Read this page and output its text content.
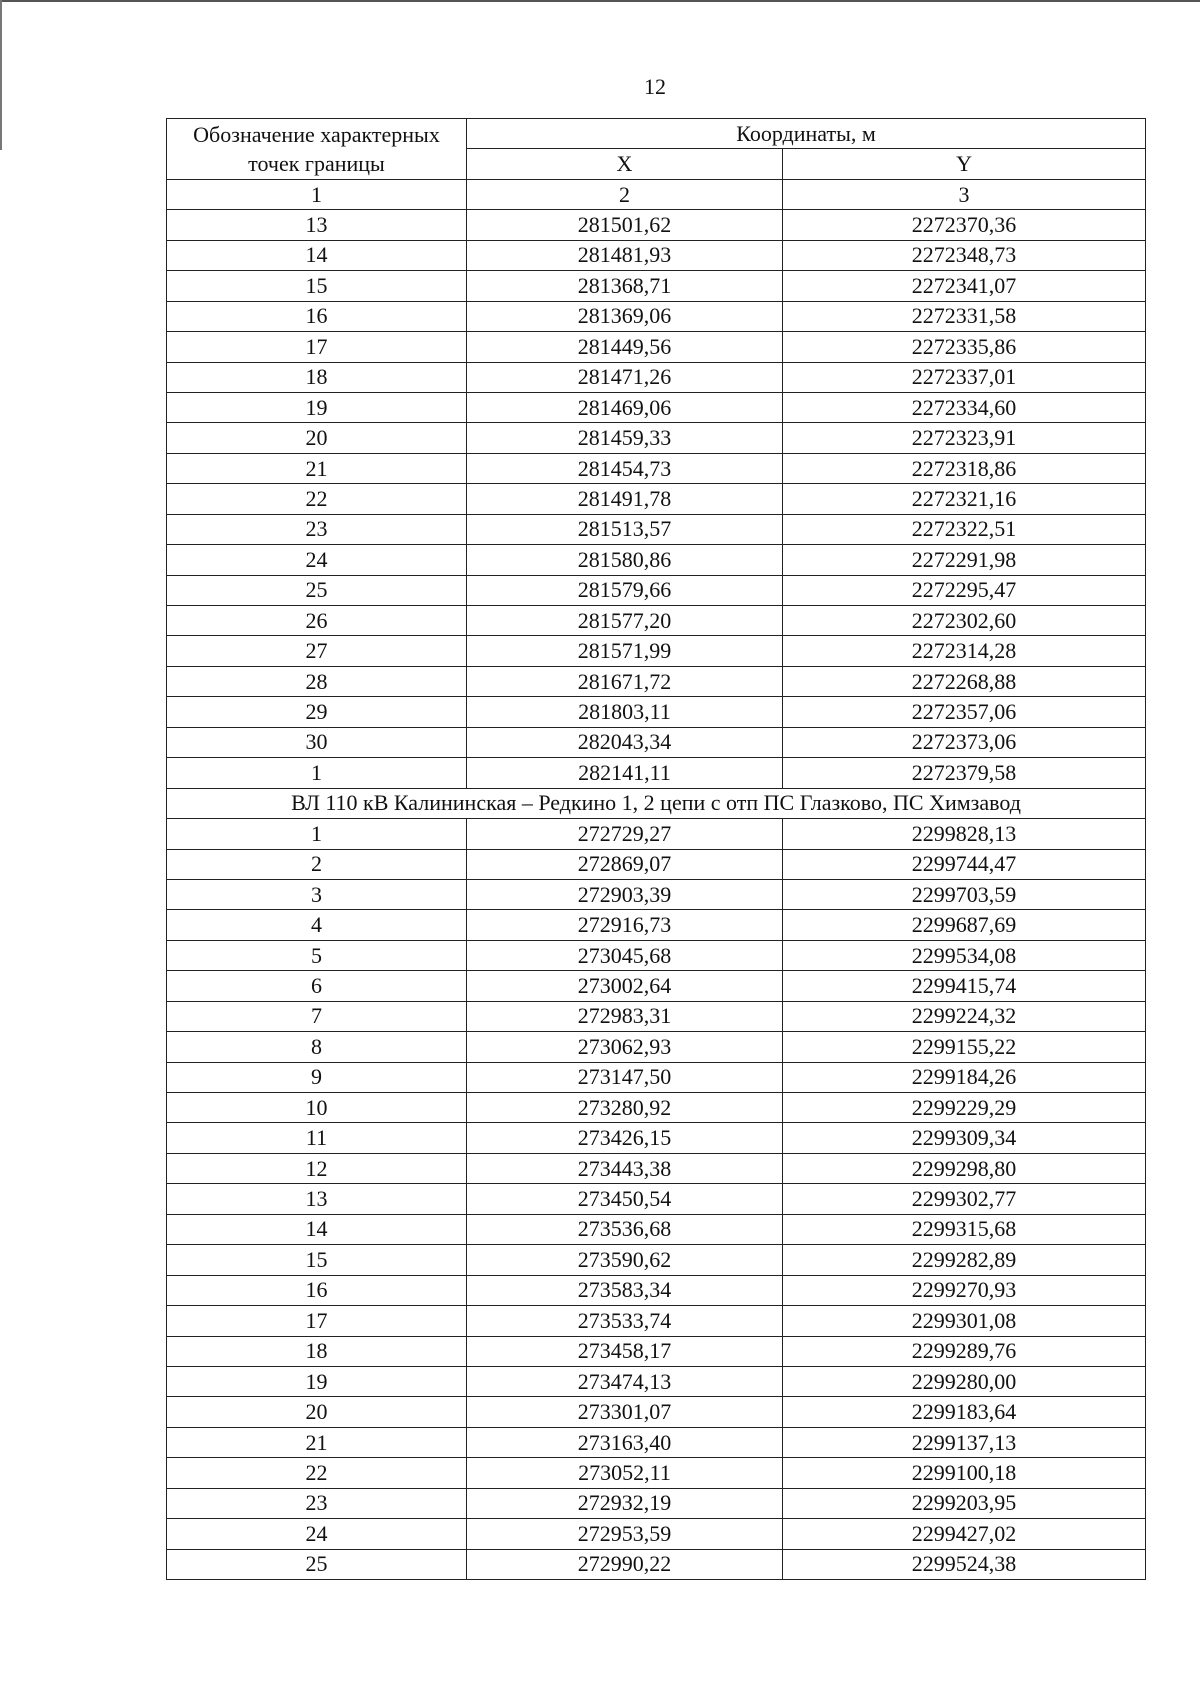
12
Обозначение характерных точек границы	Координаты, м	
	X	Y
1	2	3
13	281501,62	2272370,36
14	281481,93	2272348,73
15	281368,71	2272341,07
16	281369,06	2272331,58
17	281449,56	2272335,86
18	281471,26	2272337,01
19	281469,06	2272334,60
20	281459,33	2272323,91
21	281454,73	2272318,86
22	281491,78	2272321,16
23	281513,57	2272322,51
24	281580,86	2272291,98
25	281579,66	2272295,47
26	281577,20	2272302,60
27	281571,99	2272314,28
28	281671,72	2272268,88
29	281803,11	2272357,06
30	282043,34	2272373,06
1	282141,11	2272379,58
ВЛ 110 кВ Калининская – Редкино 1, 2 цепи с отп ПС Глазково, ПС Химзавод		
1	272729,27	2299828,13
2	272869,07	2299744,47
3	272903,39	2299703,59
4	272916,73	2299687,69
5	273045,68	2299534,08
6	273002,64	2299415,74
7	272983,31	2299224,32
8	273062,93	2299155,22
9	273147,50	2299184,26
10	273280,92	2299229,29
11	273426,15	2299309,34
12	273443,38	2299298,80
13	273450,54	2299302,77
14	273536,68	2299315,68
15	273590,62	2299282,89
16	273583,34	2299270,93
17	273533,74	2299301,08
18	273458,17	2299289,76
19	273474,13	2299280,00
20	273301,07	2299183,64
21	273163,40	2299137,13
22	273052,11	2299100,18
23	272932,19	2299203,95
24	272953,59	2299427,02
25	272990,22	2299524,38
